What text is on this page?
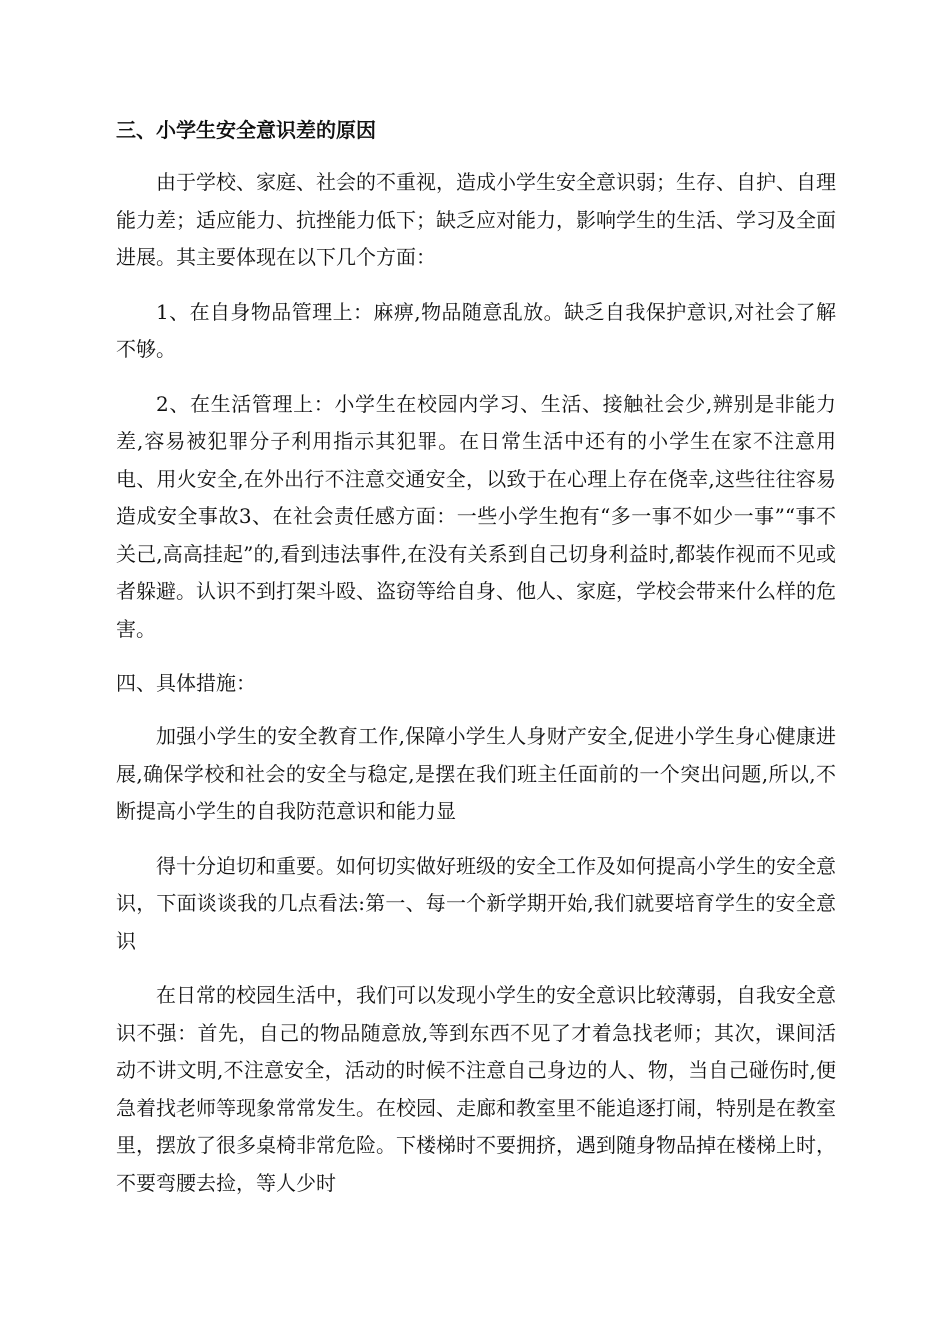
三、小学生安全意识差的原因

由于学校、家庭、社会的不重视，造成小学生安全意识弱；生存、自护、自理能力差；适应能力、抗挫能力低下；缺乏应对能力，影响学生的生活、学习及全面进展。其主要体现在以下几个方面：

1、在自身物品管理上：麻痹,物品随意乱放。缺乏自我保护意识,对社会了解不够。

2、在生活管理上：小学生在校园内学习、生活、接触社会少,辨别是非能力差,容易被犯罪分子利用指示其犯罪。在日常生活中还有的小学生在家不注意用电、用火安全,在外出行不注意交通安全，以致于在心理上存在侥幸,这些往往容易造成安全事故3、在社会责任感方面：一些小学生抱有“多一事不如少一事”“事不关己,高高挂起”的,看到违法事件,在没有关系到自己切身利益时,都装作视而不见或者躲避。认识不到打架斗殴、盗窃等给自身、他人、家庭，学校会带来什么样的危害。

四、具体措施：

加强小学生的安全教育工作,保障小学生人身财产安全,促进小学生身心健康进展,确保学校和社会的安全与稳定,是摆在我们班主任面前的一个突出问题,所以,不断提高小学生的自我防范意识和能力显

得十分迫切和重要。如何切实做好班级的安全工作及如何提高小学生的安全意识，下面谈谈我的几点看法:第一、每一个新学期开始,我们就要培育学生的安全意识

在日常的校园生活中，我们可以发现小学生的安全意识比较薄弱，自我安全意识不强：首先，自己的物品随意放,等到东西不见了才着急找老师；其次，课间活动不讲文明,不注意安全，活动的时候不注意自己身边的人、物，当自己碰伤时,便急着找老师等现象常常发生。在校园、走廊和教室里不能追逐打闹，特别是在教室里，摆放了很多桌椅非常危险。下楼梯时不要拥挤，遇到随身物品掉在楼梯上时，不要弯腰去捡，等人少时
